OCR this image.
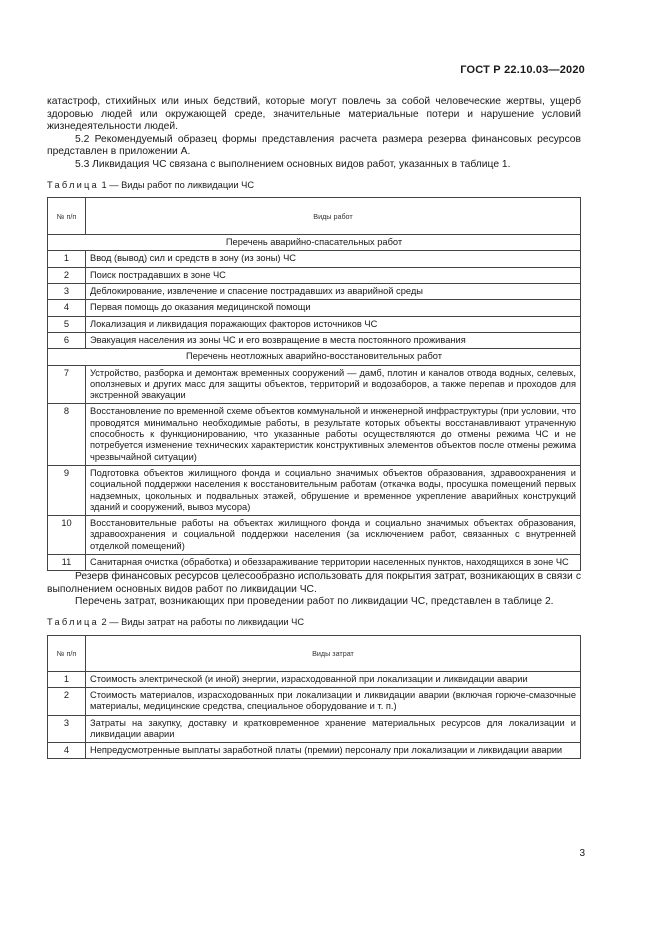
ГОСТ Р 22.10.03—2020

катастроф, стихийных или иных бедствий, которые могут повлечь за собой человеческие жертвы, ущерб здоровью людей или окружающей среде, значительные материальные потери и нарушение условий жизнедеятельности людей.

5.2 Рекомендуемый образец формы представления расчета размера резерва финансовых ресурсов представлен в приложении А.

5.3 Ликвидация ЧС связана с выполнением основных видов работ, указанных в таблице 1.

Таблица 1 — Виды работ по ликвидации ЧС
№ п/п	Виды работ
Перечень аварийно-спасательных работ	
1	Ввод (вывод) сил и средств в зону (из зоны) ЧС
2	Поиск пострадавших в зоне ЧС
3	Деблокирование, извлечение и спасение пострадавших из аварийной среды
4	Первая помощь до оказания медицинской помощи
5	Локализация и ликвидация поражающих факторов источников ЧС
6	Эвакуация населения из зоны ЧС и его возвращение в места постоянного проживания
Перечень неотложных аварийно-восстановительных работ	
7	Устройство, разборка и демонтаж временных сооружений — дамб, плотин и каналов отвода водных, селевых, оползневых и других масс для защиты объектов, территорий и водозаборов, а также перепав и проходов для экстренной эвакуации
8	Восстановление по временной схеме объектов коммунальной и инженерной инфраструктуры (при условии, что проводятся минимально необходимые работы, в результате которых объекты восстанавливают утраченную способность к функционированию, что указанные работы осуществляются до отмены режима ЧС и не потребуется изменение технических характеристик конструктивных элементов объектов после отмены режима чрезвычайной ситуации)
9	Подготовка объектов жилищного фонда и социально значимых объектов образования, здравоохранения и социальной поддержки населения к восстановительным работам (откачка воды, просушка помещений первых надземных, цокольных и подвальных этажей, обрушение и временное укрепление аварийных конструкций зданий и сооружений, вывоз мусора)
10	Восстановительные работы на объектах жилищного фонда и социально значимых объектах образования, здравоохранения и социальной поддержки населения (за исключением работ, связанных с внутренней отделкой помещений)
11	Санитарная очистка (обработка) и обеззараживание территории населенных пунктов, находящихся в зоне ЧС

Резерв финансовых ресурсов целесообразно использовать для покрытия затрат, возникающих в связи с выполнением основных видов работ по ликвидации ЧС.

Перечень затрат, возникающих при проведении работ по ликвидации ЧС, представлен в таблице 2.

Таблица 2 — Виды затрат на работы по ликвидации ЧС
№ п/п	Виды затрат
1	Стоимость электрической (и иной) энергии, израсходованной при локализации и ликвидации аварии
2	Стоимость материалов, израсходованных при локализации и ликвидации аварии (включая горюче-смазочные материалы, медицинские средства, специальное оборудование и т. п.)
3	Затраты на закупку, доставку и кратковременное хранение материальных ресурсов для локализации и ликвидации аварии
4	Непредусмотренные выплаты заработной платы (премии) персоналу при локализации и ликвидации аварии
3
